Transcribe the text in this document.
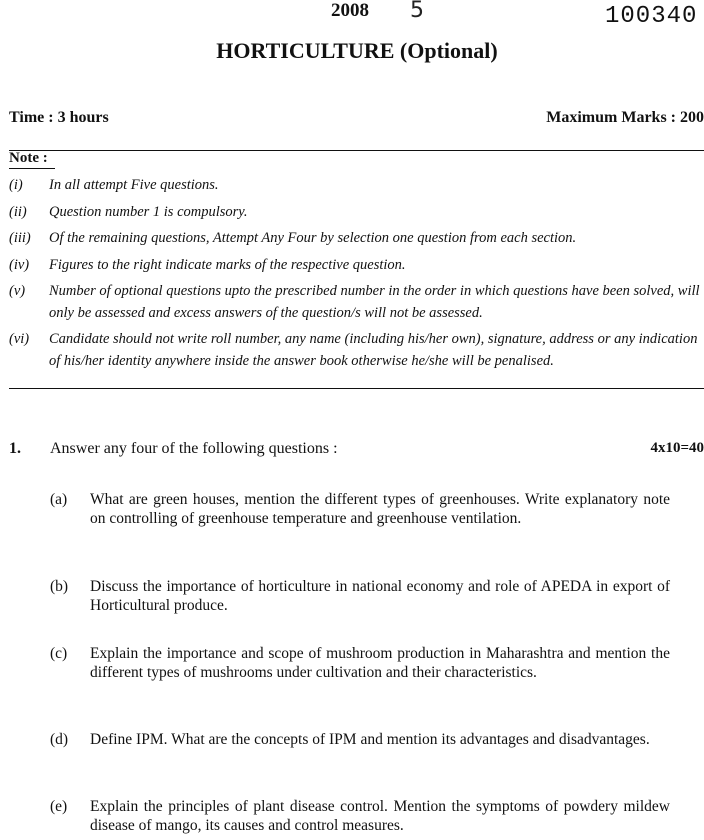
2008 5	100340
HORTICULTURE (Optional)
Time : 3 hours	Maximum Marks : 200
Note :
(i) In all attempt Five questions.
(ii) Question number 1 is compulsory.
(iii) Of the remaining questions, Attempt Any Four by selection one question from each section.
(iv) Figures to the right indicate marks of the respective question.
(v) Number of optional questions upto the prescribed number in the order in which questions have been solved, will only be assessed and excess answers of the question/s will not be assessed.
(vi) Candidate should not write roll number, any name (including his/her own), signature, address or any indication of his/her identity anywhere inside the answer book otherwise he/she will be penalised.
1. Answer any four of the following questions :	4x10=40
(a) What are green houses, mention the different types of greenhouses. Write explanatory note on controlling of greenhouse temperature and greenhouse ventilation.
(b) Discuss the importance of horticulture in national economy and role of APEDA in export of Horticultural produce.
(c) Explain the importance and scope of mushroom production in Maharashtra and mention the different types of mushrooms under cultivation and their characteristics.
(d) Define IPM. What are the concepts of IPM and mention its advantages and disadvantages.
(e) Explain the principles of plant disease control. Mention the symptoms of powdery mildew disease of mango, its causes and control measures.
